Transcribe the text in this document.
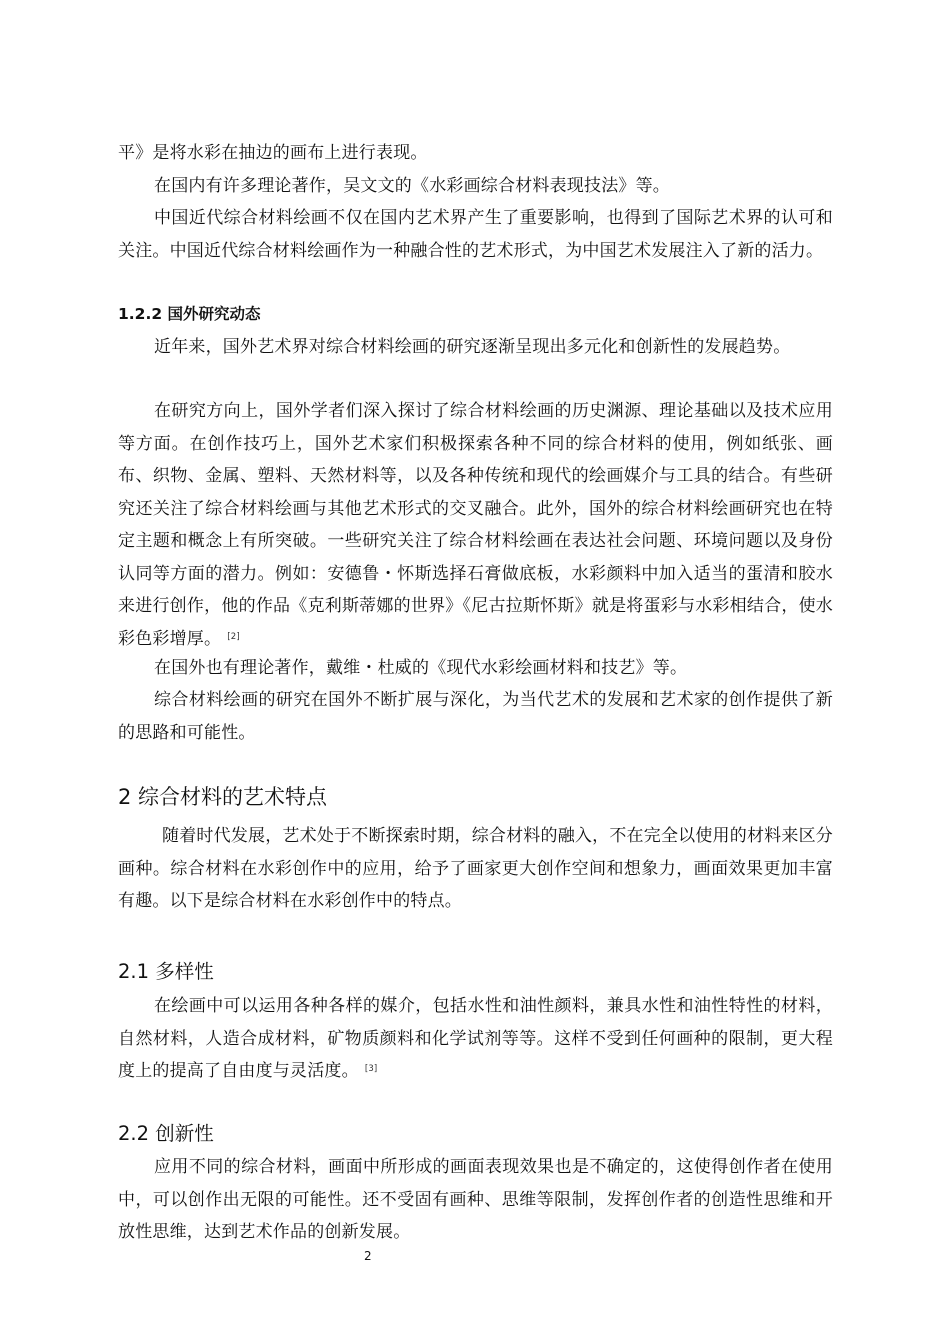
平》是将水彩在抽边的画布上进行表现。

在国内有许多理论著作，吴文文的《水彩画综合材料表现技法》等。

中国近代综合材料绘画不仅在国内艺术界产生了重要影响，也得到了国际艺术界的认可和关注。中国近代综合材料绘画作为一种融合性的艺术形式，为中国艺术发展注入了新的活力。

1.2.2 国外研究动态

近年来，国外艺术界对综合材料绘画的研究逐渐呈现出多元化和创新性的发展趋势。

在研究方向上，国外学者们深入探讨了综合材料绘画的历史渊源、理论基础以及技术应用等方面。在创作技巧上，国外艺术家们积极探索各种不同的综合材料的使用，例如纸张、画布、织物、金属、塑料、天然材料等，以及各种传统和现代的绘画媒介与工具的结合。有些研究还关注了综合材料绘画与其他艺术形式的交叉融合。此外，国外的综合材料绘画研究也在特定主题和概念上有所突破。一些研究关注了综合材料绘画在表达社会问题、环境问题以及身份认同等方面的潜力。例如：安德鲁・怀斯选择石膏做底板，水彩颜料中加入适当的蛋清和胶水来进行创作，他的作品《克利斯蒂娜的世界》《尼古拉斯怀斯》就是将蛋彩与水彩相结合，使水彩色彩增厚。 [2]

在国外也有理论著作，戴维・杜威的《现代水彩绘画材料和技艺》等。

综合材料绘画的研究在国外不断扩展与深化，为当代艺术的发展和艺术家的创作提供了新的思路和可能性。

2 综合材料的艺术特点

随着时代发展，艺术处于不断探索时期，综合材料的融入，不在完全以使用的材料来区分画种。综合材料在水彩创作中的应用，给予了画家更大创作空间和想象力，画面效果更加丰富有趣。以下是综合材料在水彩创作中的特点。

2.1 多样性

在绘画中可以运用各种各样的媒介，包括水性和油性颜料，兼具水性和油性特性的材料，自然材料，人造合成材料，矿物质颜料和化学试剂等等。这样不受到任何画种的限制，更大程度上的提高了自由度与灵活度。 [3]

2.2 创新性

应用不同的综合材料，画面中所形成的画面表现效果也是不确定的，这使得创作者在使用中，可以创作出无限的可能性。还不受固有画种、思维等限制，发挥创作者的创造性思维和开放性思维，达到艺术作品的创新发展。

2
